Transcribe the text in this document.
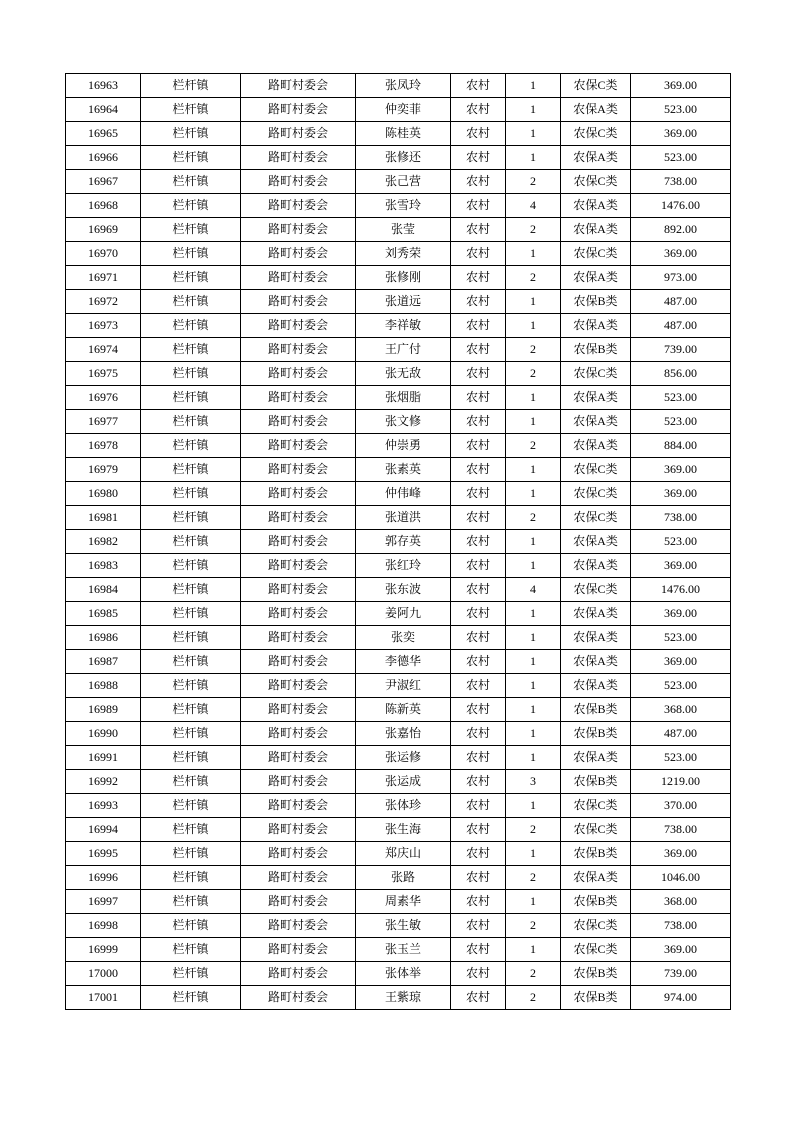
16963	栏杆镇	路町村委会	张凤玲	农村	1	农保C类	369.00
16964	栏杆镇	路町村委会	仲奕菲	农村	1	农保A类	523.00
16965	栏杆镇	路町村委会	陈桂英	农村	1	农保C类	369.00
16966	栏杆镇	路町村委会	张修还	农村	1	农保A类	523.00
16967	栏杆镇	路町村委会	张己营	农村	2	农保C类	738.00
16968	栏杆镇	路町村委会	张雪玲	农村	4	农保A类	1476.00
16969	栏杆镇	路町村委会	张莹	农村	2	农保A类	892.00
16970	栏杆镇	路町村委会	刘秀荣	农村	1	农保C类	369.00
16971	栏杆镇	路町村委会	张修刚	农村	2	农保A类	973.00
16972	栏杆镇	路町村委会	张道远	农村	1	农保B类	487.00
16973	栏杆镇	路町村委会	李祥敏	农村	1	农保A类	487.00
16974	栏杆镇	路町村委会	王广付	农村	2	农保B类	739.00
16975	栏杆镇	路町村委会	张无敌	农村	2	农保C类	856.00
16976	栏杆镇	路町村委会	张烟脂	农村	1	农保A类	523.00
16977	栏杆镇	路町村委会	张文修	农村	1	农保A类	523.00
16978	栏杆镇	路町村委会	仲崇勇	农村	2	农保A类	884.00
16979	栏杆镇	路町村委会	张素英	农村	1	农保C类	369.00
16980	栏杆镇	路町村委会	仲伟峰	农村	1	农保C类	369.00
16981	栏杆镇	路町村委会	张道洪	农村	2	农保C类	738.00
16982	栏杆镇	路町村委会	郭存英	农村	1	农保A类	523.00
16983	栏杆镇	路町村委会	张红玲	农村	1	农保A类	369.00
16984	栏杆镇	路町村委会	张东波	农村	4	农保C类	1476.00
16985	栏杆镇	路町村委会	姜阿九	农村	1	农保A类	369.00
16986	栏杆镇	路町村委会	张奕	农村	1	农保A类	523.00
16987	栏杆镇	路町村委会	李德华	农村	1	农保A类	369.00
16988	栏杆镇	路町村委会	尹淑红	农村	1	农保A类	523.00
16989	栏杆镇	路町村委会	陈新英	农村	1	农保B类	368.00
16990	栏杆镇	路町村委会	张嘉怡	农村	1	农保B类	487.00
16991	栏杆镇	路町村委会	张运修	农村	1	农保A类	523.00
16992	栏杆镇	路町村委会	张运成	农村	3	农保B类	1219.00
16993	栏杆镇	路町村委会	张体珍	农村	1	农保C类	370.00
16994	栏杆镇	路町村委会	张生海	农村	2	农保C类	738.00
16995	栏杆镇	路町村委会	郑庆山	农村	1	农保B类	369.00
16996	栏杆镇	路町村委会	张路	农村	2	农保A类	1046.00
16997	栏杆镇	路町村委会	周素华	农村	1	农保B类	368.00
16998	栏杆镇	路町村委会	张生敏	农村	2	农保C类	738.00
16999	栏杆镇	路町村委会	张玉兰	农村	1	农保C类	369.00
17000	栏杆镇	路町村委会	张体举	农村	2	农保B类	739.00
17001	栏杆镇	路町村委会	王紫琼	农村	2	农保B类	974.00
